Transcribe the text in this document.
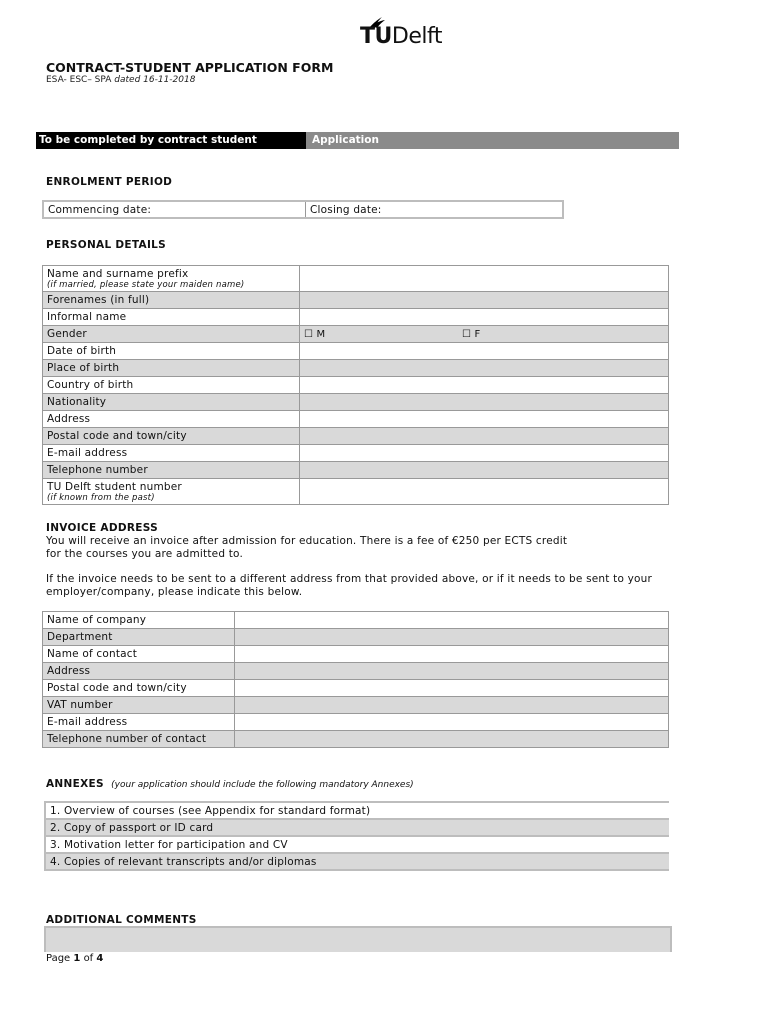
TUDelft
CONTRACT-STUDENT APPLICATION FORM
ESA- ESC– SPA dated 16-11-2018
To be completed by contract student	Application
ENROLMENT PERIOD
Commencing date:	Closing date:
PERSONAL DETAILS
Name and surname prefix
(if married, please state your maiden name)	

Forenames (in full)	
Informal name	
Gender	☐ M ☐ F
Date of birth	
Place of birth	
Country of birth	
Nationality	
Address	
Postal code and town/city	
E-mail address	
Telephone number	
TU Delft student number
(if known from the past)	

INVOICE ADDRESS
You will receive an invoice after admission for education. There is a fee of €250 per ECTS credit
for the courses you are admitted to.
If the invoice needs to be sent to a different address from that provided above, or if it needs to be sent to your
employer/company, please indicate this below.
Name of company	
Department	
Name of contact	
Address	
Postal code and town/city	
VAT number	
E-mail address	
Telephone number of contact	
ANNEXES (your application should include the following mandatory Annexes)
1. Overview of courses (see Appendix for standard format)
2. Copy of passport or ID card
3. Motivation letter for participation and CV
4. Copies of relevant transcripts and/or diplomas
ADDITIONAL COMMENTS
Page 1 of 4
